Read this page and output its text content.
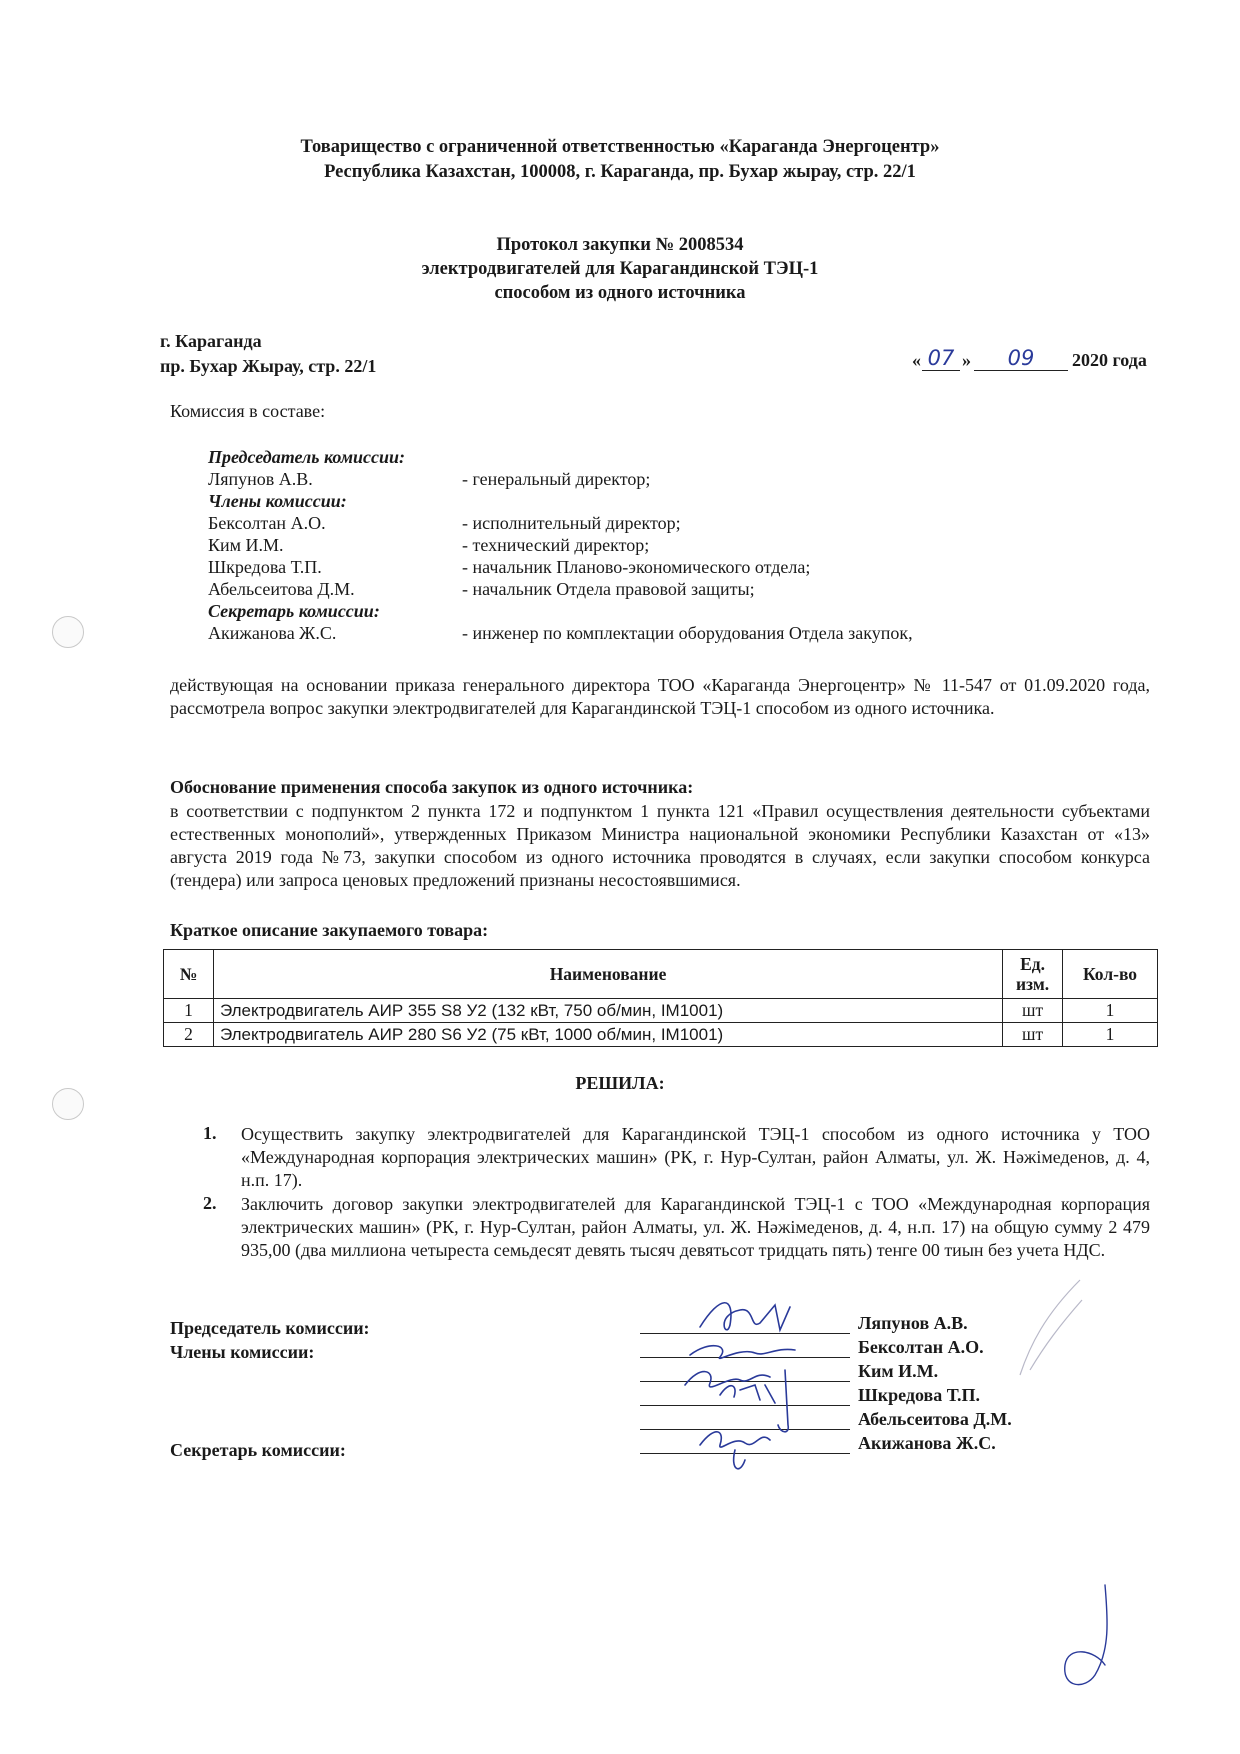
Товарищество с ограниченной ответственностью «Караганда Энергоцентр»
Республика Казахстан, 100008, г. Караганда, пр. Бухар жырау, стр. 22/1
Протокол закупки № 2008534
электродвигателей для Карагандинской ТЭЦ-1
способом из одного источника
г. Караганда
пр. Бухар Жырау, стр. 22/1	« 07 »	09	2020 года
Комиссия в составе:
Председатель комиссии:
Ляпунов А.В.	- генеральный директор;
Члены комиссии:
Бексолтан А.О.	- исполнительный директор;
Ким И.М.	- технический директор;
Шкредова Т.П.	- начальник Планово-экономического отдела;
Абельсеитова Д.М.	- начальник Отдела правовой защиты;
Секретарь комиссии:
Акижанова Ж.С.	- инженер по комплектации оборудования Отдела закупок,
действующая на основании приказа генерального директора ТОО «Караганда Энергоцентр» № 11-547 от 01.09.2020 года, рассмотрела вопрос закупки электродвигателей для Карагандинской ТЭЦ-1 способом из одного источника.
Обоснование применения способа закупок из одного источника:
в соответствии с подпунктом 2 пункта 172 и подпунктом 1 пункта 121 «Правил осуществления деятельности субъектами естественных монополий», утвержденных Приказом Министра национальной экономики Республики Казахстан от «13» августа 2019 года №73, закупки способом из одного источника проводятся в случаях, если закупки способом конкурса (тендера) или запроса ценовых предложений признаны несостоявшимися.
Краткое описание закупаемого товара:
№	Наименование	Ед. изм.	Кол-во
1	Электродвигатель АИР 355 S8 У2 (132 кВт, 750 об/мин, IM1001)	шт	1
2	Электродвигатель АИР 280 S6 У2 (75 кВт, 1000 об/мин, IM1001)	шт	1
РЕШИЛА:
1.	Осуществить закупку электродвигателей для Карагандинской ТЭЦ-1 способом из одного источника у ТОО «Международная корпорация электрических машин» (РК, г. Нур-Султан, район Алматы, ул. Ж. Нәжімеденов, д. 4, н.п. 17).
2.	Заключить договор закупки электродвигателей для Карагандинской ТЭЦ-1 с ТОО «Международная корпорация электрических машин» (РК, г. Нур-Султан, район Алматы, ул. Ж. Нәжімеденов, д. 4, н.п. 17) на общую сумму 2 479 935,00 (два миллиона четыреста семьдесят девять тысяч девятьсот тридцать пять) тенге 00 тиын без учета НДС.
Председатель комиссии:
Члены комиссии:
Секретарь комиссии:
Ляпунов А.В.
Бексолтан А.О.
Ким И.М.
Шкредова Т.П.
Абельсеитова Д.М.
Акижанова Ж.С.
